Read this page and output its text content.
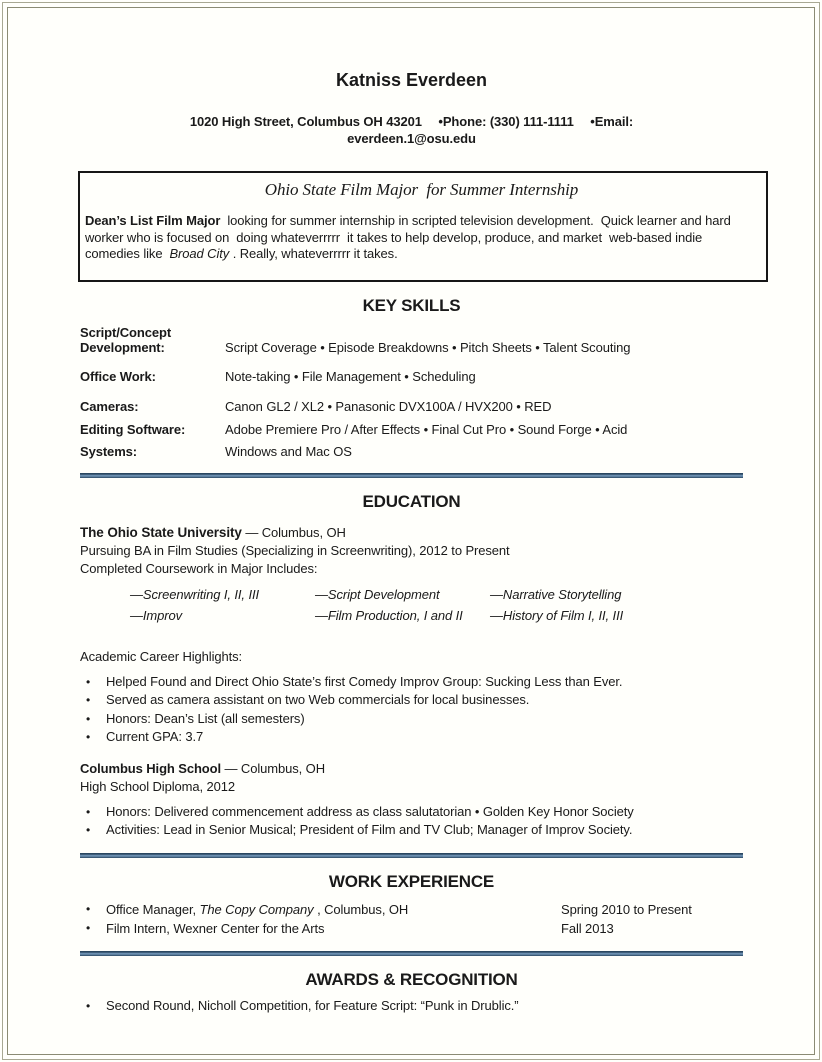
Katniss Everdeen
1020 High Street, Columbus OH 43201 •Phone: (330) 111-1111 •Email:
everdeen.1@osu.edu
Ohio State Film Major  for Summer Internship

Dean’s List Film Major  looking for summer internship in scripted television development.  Quick learner and hard worker who is focused on  doing whateverrrrr  it takes to help develop, produce, and market  web-based indie comedies like  Broad City . Really, whateverrrrr it takes.

KEY SKILLS
Script/Concept Development:	Script Coverage • Episode Breakdowns • Pitch Sheets • Talent Scouting
Office Work:	Note-taking • File Management • Scheduling
Cameras:	Canon GL2 / XL2 • Panasonic DVX100A / HVX200 • RED
Editing Software:	Adobe Premiere Pro / After Effects • Final Cut Pro • Sound Forge • Acid
Systems:	Windows and Mac OS
EDUCATION
The Ohio State University — Columbus, OH
Pursuing BA in Film Studies (Specializing in Screenwriting), 2012 to Present
Completed Coursework in Major Includes:
—Screenwriting I, II, III	—Script Development	—Narrative Storytelling
—Improv	—Film Production, I and II	—History of Film I, II, III
Academic Career Highlights:
•	Helped Found and Direct Ohio State’s first Comedy Improv Group: Sucking Less than Ever.
•	Served as camera assistant on two Web commercials for local businesses.
•	Honors: Dean’s List (all semesters)
•	Current GPA: 3.7
Columbus High School — Columbus, OH
High School Diploma, 2012
•	Honors: Delivered commencement address as class salutatorian • Golden Key Honor Society
•	Activities: Lead in Senior Musical; President of Film and TV Club; Manager of Improv Society.
WORK EXPERIENCE
•	Office Manager, The Copy Company , Columbus, OH	Spring 2010 to Present
•	Film Intern, Wexner Center for the Arts	Fall 2013
AWARDS & RECOGNITION
•	Second Round, Nicholl Competition, for Feature Script: “Punk in Drublic.”
